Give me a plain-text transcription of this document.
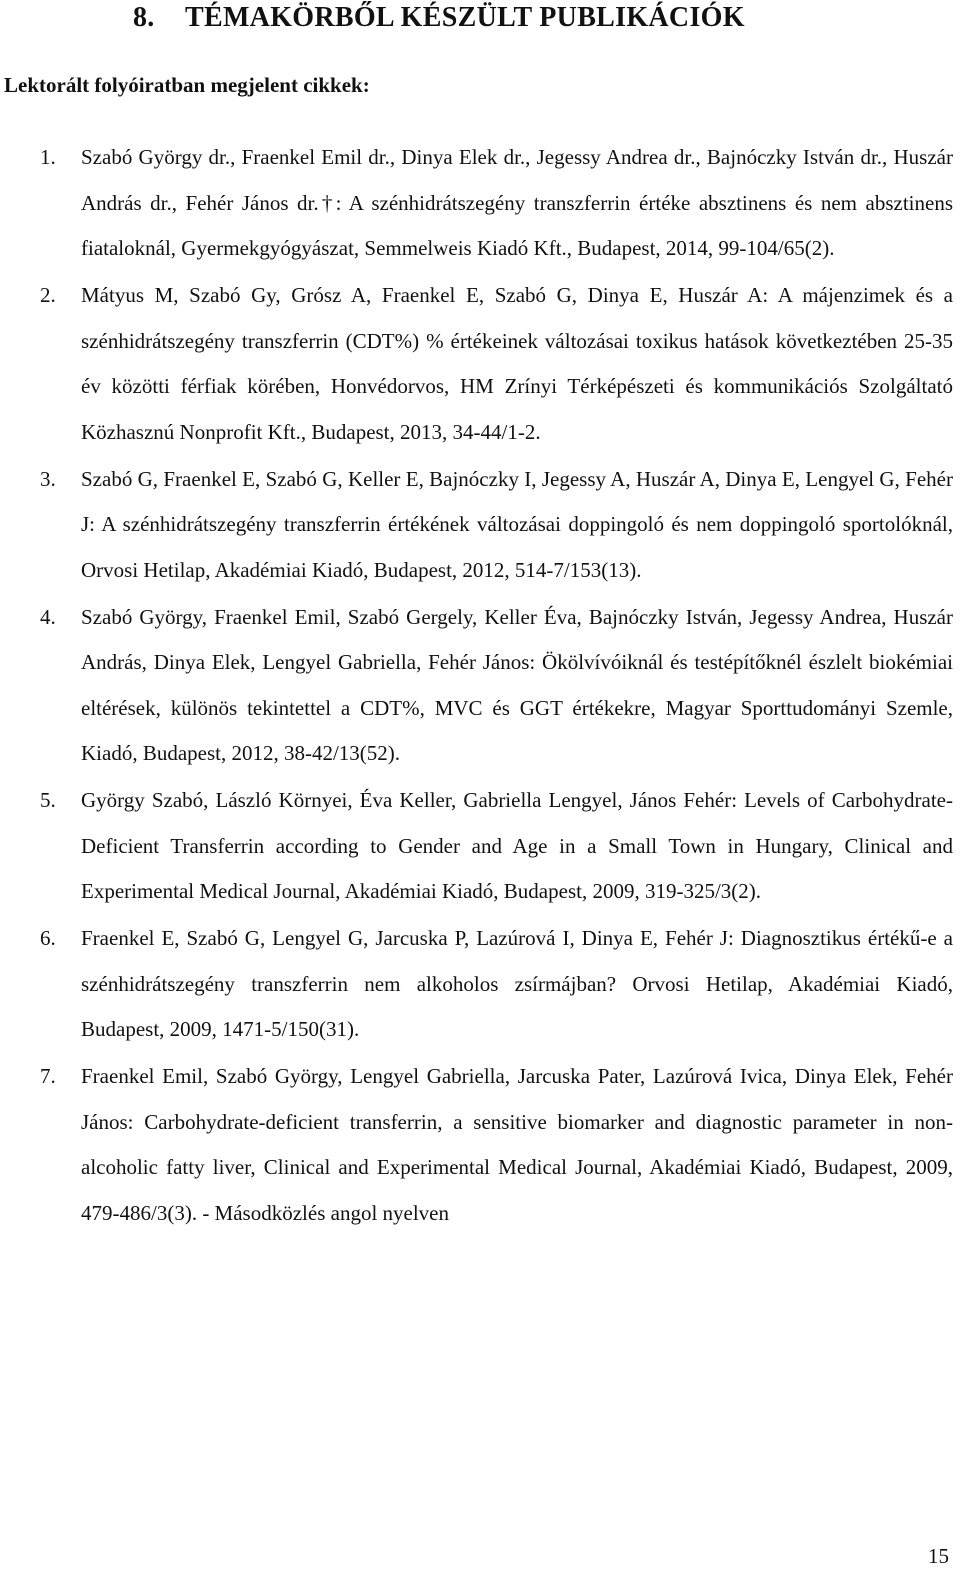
8. TÉMAKÖRBŐL KÉSZÜLT PUBLIKÁCIÓK
Lektorált folyóiratban megjelent cikkek:
1. Szabó György dr., Fraenkel Emil dr., Dinya Elek dr., Jegessy Andrea dr., Bajnóczky István dr., Huszár András dr., Fehér János dr.†: A szénhidrátszegény transzferrin értéke absztinens és nem absztinens fiataloknál, Gyermekgyógyászat, Semmelweis Kiadó Kft., Budapest, 2014, 99-104/65(2).
2. Mátyus M, Szabó Gy, Grósz A, Fraenkel E, Szabó G, Dinya E, Huszár A: A májenzimek és a szénhidrátszegény transzferrin (CDT%) % értékeinek változásai toxikus hatások következtében 25-35 év közötti férfiak körében, Honvédorvos, HM Zrínyi Térképészeti és kommunikációs Szolgáltató Közhasznú Nonprofit Kft., Budapest, 2013, 34-44/1-2.
3. Szabó G, Fraenkel E, Szabó G, Keller E, Bajnóczky I, Jegessy A, Huszár A, Dinya E, Lengyel G, Fehér J: A szénhidrátszegény transzferrin értékének változásai doppingoló és nem doppingoló sportolóknál, Orvosi Hetilap, Akadémiai Kiadó, Budapest, 2012, 514-7/153(13).
4. Szabó György, Fraenkel Emil, Szabó Gergely, Keller Éva, Bajnóczky István, Jegessy Andrea, Huszár András, Dinya Elek, Lengyel Gabriella, Fehér János: Ökölvívóiknál és testépítőknél észlelt biokémiai eltérések, különös tekintettel a CDT%, MVC és GGT értékekre, Magyar Sporttudományi Szemle, Kiadó, Budapest, 2012, 38-42/13(52).
5. György Szabó, László Környei, Éva Keller, Gabriella Lengyel, János Fehér: Levels of Carbohydrate-Deficient Transferrin according to Gender and Age in a Small Town in Hungary, Clinical and Experimental Medical Journal, Akadémiai Kiadó, Budapest, 2009, 319-325/3(2).
6. Fraenkel E, Szabó G, Lengyel G, Jarcuska P, Lazúrová I, Dinya E, Fehér J: Diagnosztikus értékű-e a szénhidrátszegény transzferrin nem alkoholos zsírmájban? Orvosi Hetilap, Akadémiai Kiadó, Budapest, 2009, 1471-5/150(31).
7. Fraenkel Emil, Szabó György, Lengyel Gabriella, Jarcuska Pater, Lazúrová Ivica, Dinya Elek, Fehér János: Carbohydrate-deficient transferrin, a sensitive biomarker and diagnostic parameter in non-alcoholic fatty liver, Clinical and Experimental Medical Journal, Akadémiai Kiadó, Budapest, 2009, 479-486/3(3). - Másodközlés angol nyelven
15
